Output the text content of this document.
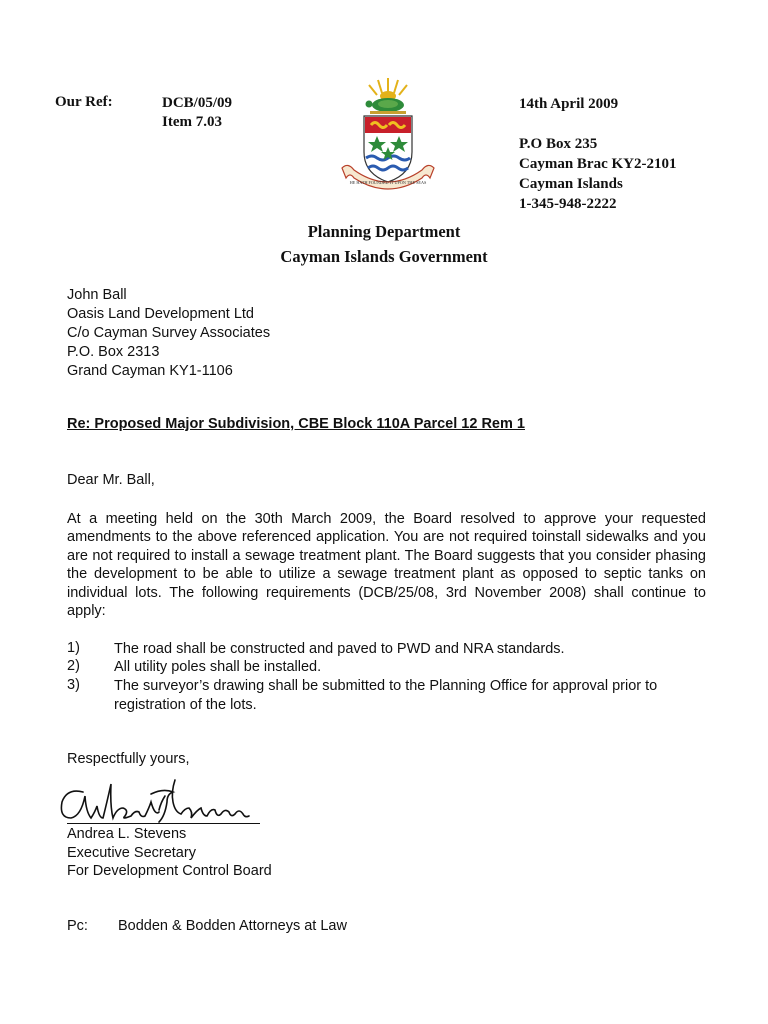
Our Ref:	DCB/05/09
Item 7.03
HE HATH FOUNDED IT UPON THE SEAS
14th April 2009
P.O Box 235
Cayman Brac KY2-2101
Cayman Islands
1-345-948-2222
Planning Department
Cayman Islands Government
John Ball
Oasis Land Development Ltd
C/o Cayman Survey Associates
P.O. Box 2313
Grand Cayman KY1-1106
Re: Proposed Major Subdivision, CBE Block 110A Parcel 12 Rem 1
Dear Mr. Ball,
At a meeting held on the 30th March 2009, the Board resolved to approve your requested amendments to the above referenced application. You are not required toinstall sidewalks and you are not required to install a sewage treatment plant. The Board suggests that you consider phasing the development to be able to utilize a sewage treatment plant as opposed to septic tanks on individual lots. The following requirements (DCB/25/08, 3rd November 2008) shall continue to apply:
1) The road shall be constructed and paved to PWD and NRA standards.
2) All utility poles shall be installed.
3) The surveyor’s drawing shall be submitted to the Planning Office for approval prior to registration of the lots.
Respectfully yours,
Andrea L. Stevens
Executive Secretary
For Development Control Board
Pc: Bodden & Bodden Attorneys at Law
